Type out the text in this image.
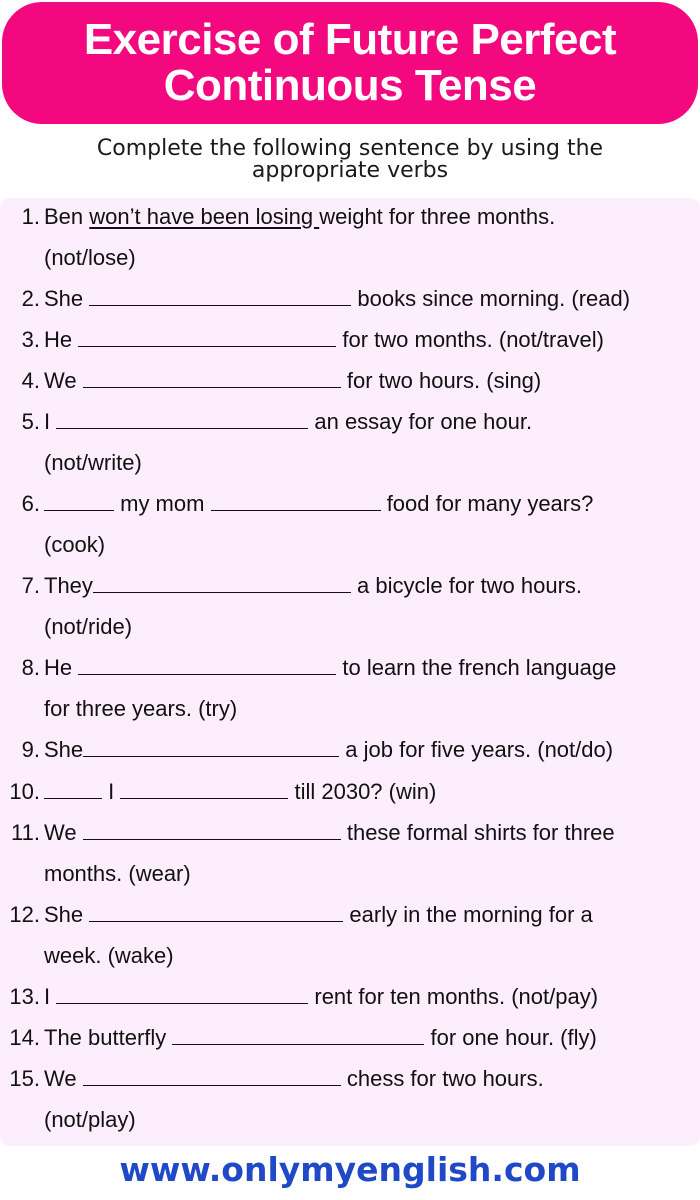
Exercise of Future Perfect
Continuous Tense
Complete the following sentence by using the
appropriate verbs
1. Ben won’t have been losing weight for three months.
(not/lose)
2. She	books since morning. (read)
3. He	for two months. (not/travel)
4. We	for two hours. (sing)
5. I	an essay for one hour.
(not/write)
6.	my mom	food for many years?
(cook)
7. They	a bicycle for two hours.
(not/ride)
8. He	to learn the french language
for three years. (try)
9. She	a job for five years. (not/do)
10.	I	till 2030? (win)
11. We	these formal shirts for three
months. (wear)
12. She	early in the morning for a
week. (wake)
13. I	rent for ten months. (not/pay)
14. The butterfly	for one hour. (fly)
15. We	chess for two hours.
(not/play)
www.onlymyenglish.com
